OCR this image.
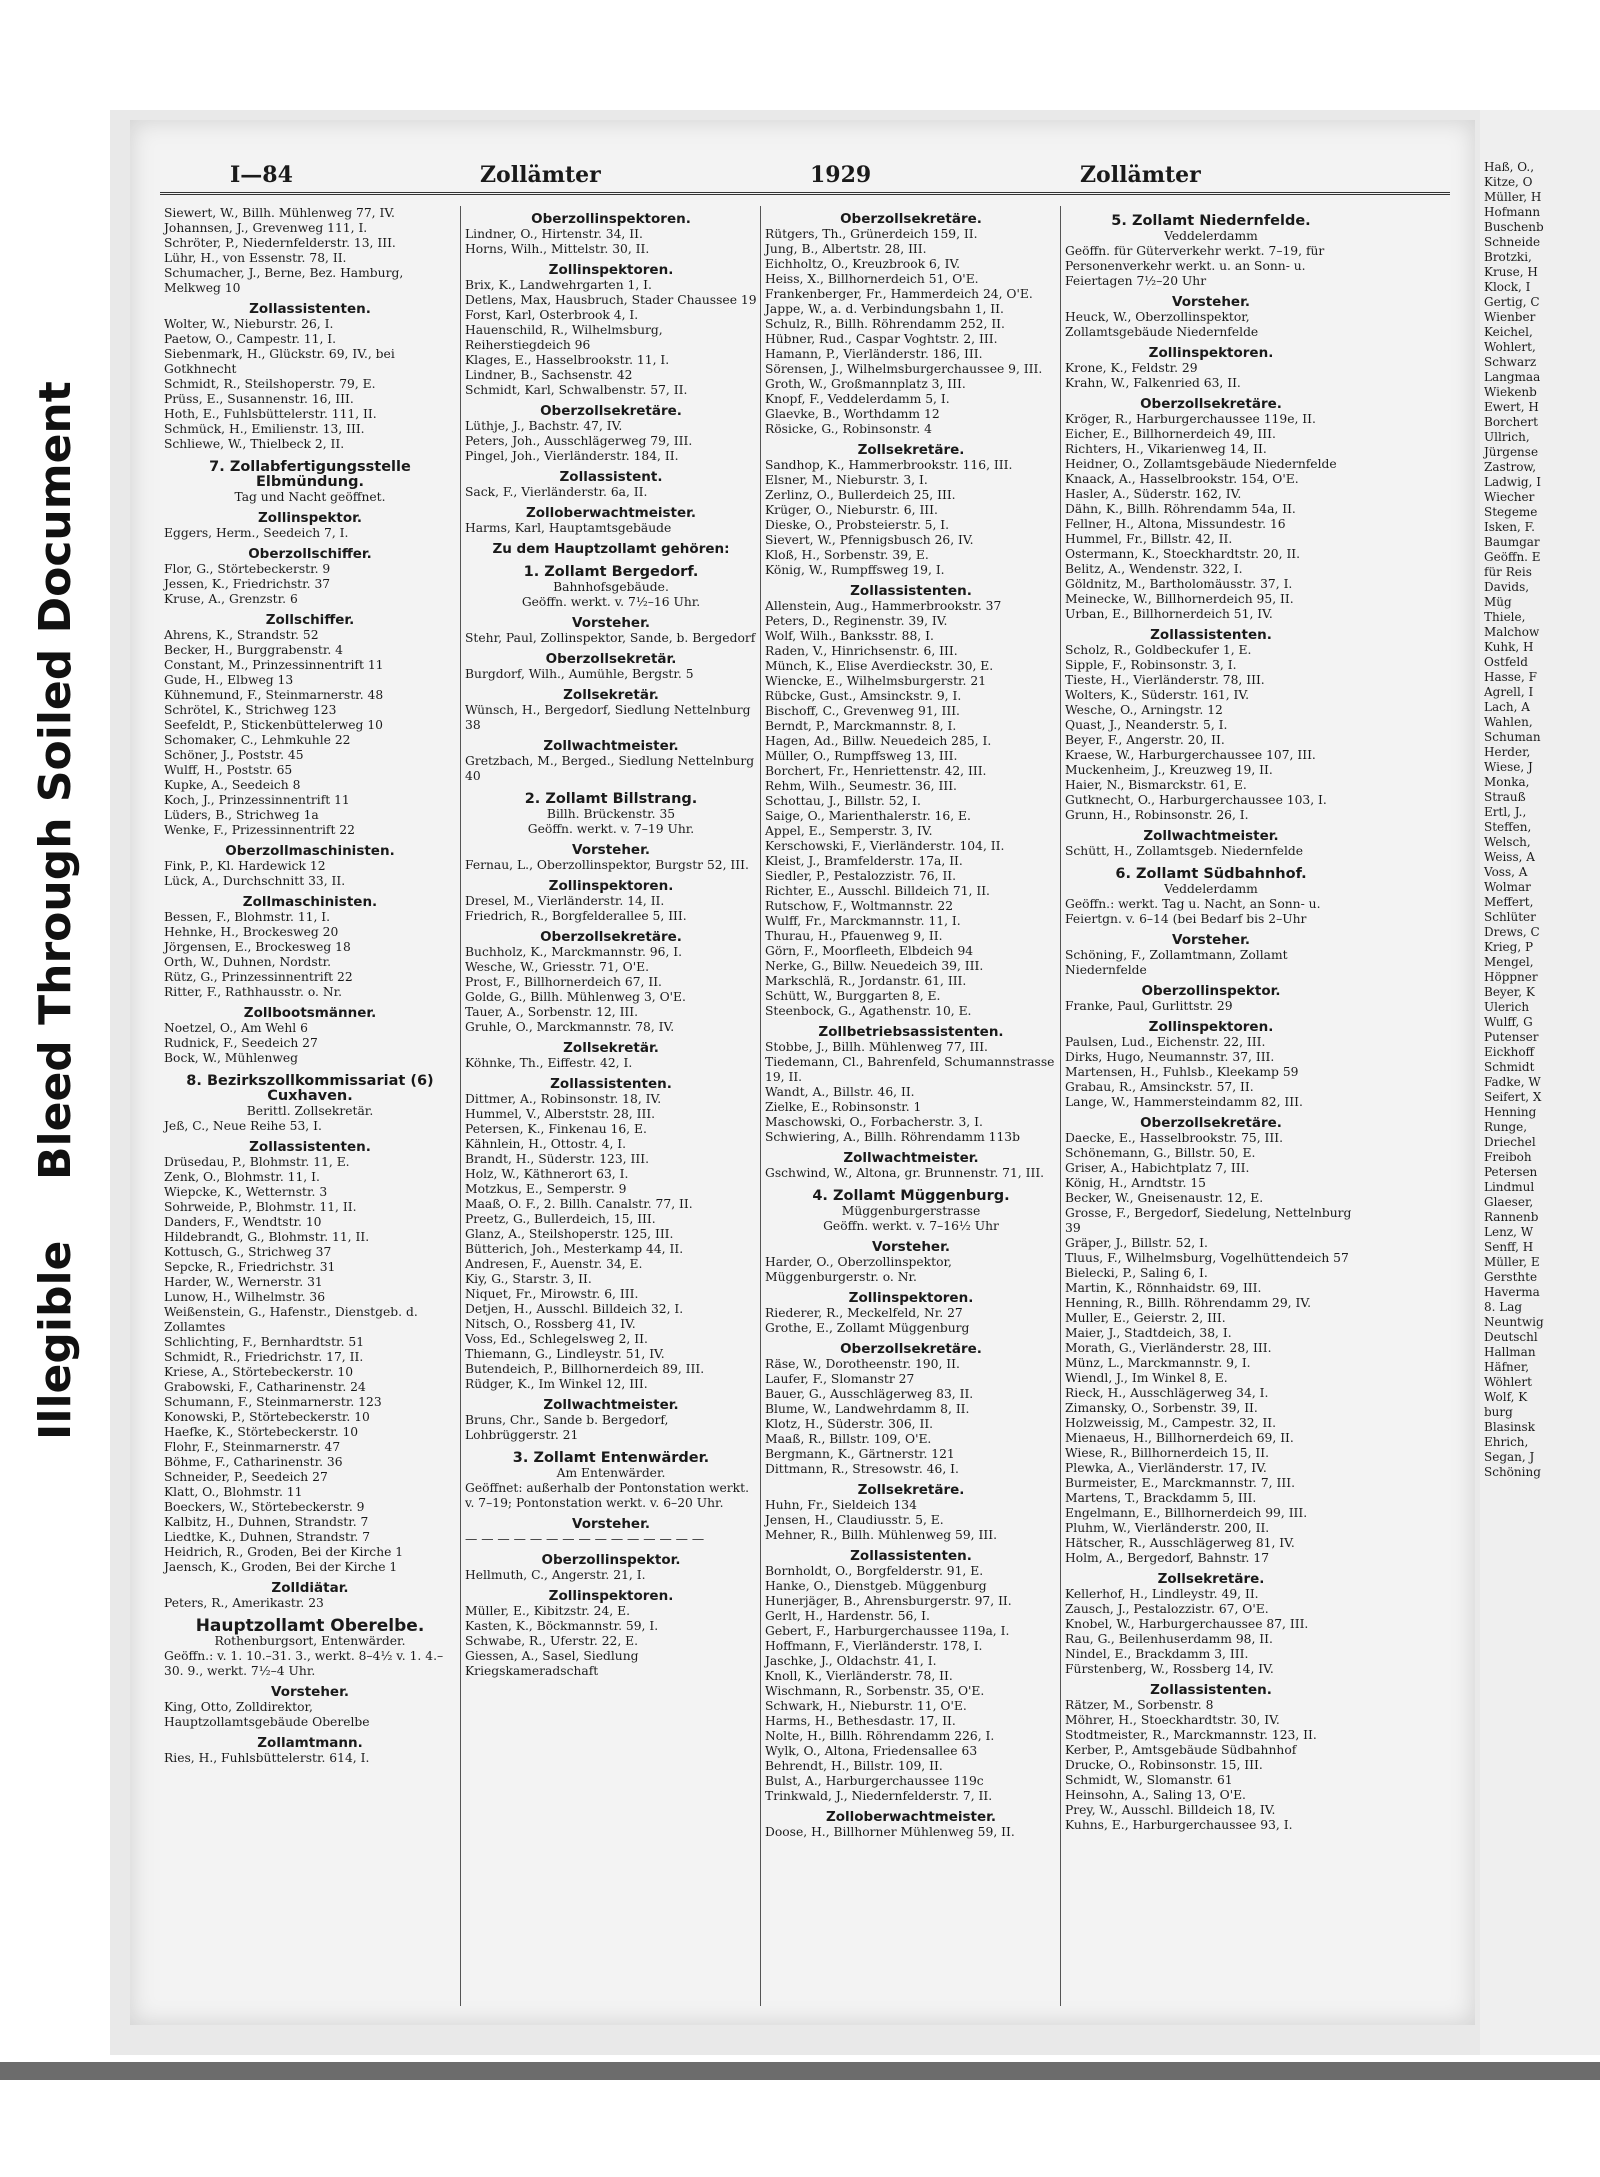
Illegible
Bleed Through Soiled Document
I—84	Zollämter	1929	Zollämter

Siewert, W., Billh. Mühlenweg 77, IV.

Johannsen, J., Grevenweg 111, I.

Schröter, P., Niedernfelderstr. 13, III.

Lühr, H., von Essenstr. 78, II.

Schumacher, J., Berne, Bez. Hamburg, Melkweg 10

Zollassistenten.

Wolter, W., Nieburstr. 26, I.

Paetow, O., Campestr. 11, I.

Siebenmark, H., Glückstr. 69, IV., bei Gotkhnecht

Schmidt, R., Steilshoperstr. 79, E.

Prüss, E., Susannenstr. 16, III.

Hoth, E., Fuhlsbüttelerstr. 111, II.

Schmück, H., Emilienstr. 13, III.

Schliewe, W., Thielbeck 2, II.

7. Zollabfertigungsstelle Elbmündung.

Tag und Nacht geöffnet.

Zollinspektor.

Eggers, Herm., Seedeich 7, I.

Oberzollschiffer.

Flor, G., Störtebeckerstr. 9

Jessen, K., Friedrichstr. 37

Kruse, A., Grenzstr. 6

Zollschiffer.

Ahrens, K., Strandstr. 52

Becker, H., Burggrabenstr. 4

Constant, M., Prinzessinnentrift 11

Gude, H., Elbweg 13

Kühnemund, F., Steinmarnerstr. 48

Schrötel, K., Strichweg 123

Seefeldt, P., Stickenbüttelerweg 10

Schomaker, C., Lehmkuhle 22

Schöner, J., Poststr. 45

Wulff, H., Poststr. 65

Kupke, A., Seedeich 8

Koch, J., Prinzessinnentrift 11

Lüders, B., Strichweg 1a

Wenke, F., Prizessinnentrift 22

Oberzollmaschinisten.

Fink, P., Kl. Hardewick 12

Lück, A., Durchschnitt 33, II.

Zollmaschinisten.

Bessen, F., Blohmstr. 11, I.

Hehnke, H., Brockesweg 20

Jörgensen, E., Brockesweg 18

Orth, W., Duhnen, Nordstr.

Rütz, G., Prinzessinnentrift 22

Ritter, F., Rathhausstr. o. Nr.

Zollbootsmänner.

Noetzel, O., Am Wehl 6

Rudnick, F., Seedeich 27

Bock, W., Mühlenweg

8. Bezirkszollkommissariat (6) Cuxhaven.

Berittl. Zollsekretär.

Jeß, C., Neue Reihe 53, I.

Zollassistenten.

Drüsedau, P., Blohmstr. 11, E.

Zenk, O., Blohmstr. 11, I.

Wiepcke, K., Wetternstr. 3

Sohrweide, P., Blohmstr. 11, II.

Danders, F., Wendtstr. 10

Hildebrandt, G., Blohmstr. 11, II.

Kottusch, G., Strichweg 37

Sepcke, R., Friedrichstr. 31

Harder, W., Wernerstr. 31

Lunow, H., Wilhelmstr. 36

Weißenstein, G., Hafenstr., Dienstgeb. d. Zollamtes

Schlichting, F., Bernhardtstr. 51

Schmidt, R., Friedrichstr. 17, II.

Kriese, A., Störtebeckerstr. 10

Grabowski, F., Catharinenstr. 24

Schumann, F., Steinmarnerstr. 123

Konowski, P., Störtebeckerstr. 10

Haefke, K., Störtebeckerstr. 10

Flohr, F., Steinmarnerstr. 47

Böhme, F., Catharinenstr. 36

Schneider, P., Seedeich 27

Klatt, O., Blohmstr. 11

Boeckers, W., Störtebeckerstr. 9

Kalbitz, H., Duhnen, Strandstr. 7

Liedtke, K., Duhnen, Strandstr. 7

Heidrich, R., Groden, Bei der Kirche 1

Jaensch, K., Groden, Bei der Kirche 1

Zolldiätar.

Peters, R., Amerikastr. 23

Hauptzollamt Oberelbe.

Rothenburgsort, Entenwärder.

Geöffn.: v. 1. 10.–31. 3., werkt. 8–4½ v. 1. 4.–30. 9., werkt. 7½–4 Uhr.

Vorsteher.

King, Otto, Zolldirektor, Hauptzollamtsgebäude Oberelbe

Zollamtmann.

Ries, H., Fuhlsbüttelerstr. 614, I.

Oberzollinspektoren.

Lindner, O., Hirtenstr. 34, II.

Horns, Wilh., Mittelstr. 30, II.

Zollinspektoren.

Brix, K., Landwehrgarten 1, I.

Detlens, Max, Hausbruch, Stader Chaussee 19

Forst, Karl, Osterbrook 4, I.

Hauenschild, R., Wilhelmsburg, Reiherstiegdeich 96

Klages, E., Hasselbrookstr. 11, I.

Lindner, B., Sachsenstr. 42

Schmidt, Karl, Schwalbenstr. 57, II.

Oberzollsekretäre.

Lüthje, J., Bachstr. 47, IV.

Peters, Joh., Ausschlägerweg 79, III.

Pingel, Joh., Vierländerstr. 184, II.

Zollassistent.

Sack, F., Vierländerstr. 6a, II.

Zolloberwachtmeister.

Harms, Karl, Hauptamtsgebäude

Zu dem Hauptzollamt gehören:

1. Zollamt Bergedorf.

Bahnhofsgebäude.

Geöffn. werkt. v. 7½–16 Uhr.

Vorsteher.

Stehr, Paul, Zollinspektor, Sande, b. Bergedorf

Oberzollsekretär.

Burgdorf, Wilh., Aumühle, Bergstr. 5

Zollsekretär.

Wünsch, H., Bergedorf, Siedlung Nettelnburg 38

Zollwachtmeister.

Gretzbach, M., Berged., Siedlung Nettelnburg 40

2. Zollamt Billstrang.

Billh. Brückenstr. 35

Geöffn. werkt. v. 7–19 Uhr.

Vorsteher.

Fernau, L., Oberzollinspektor, Burgstr 52, III.

Zollinspektoren.

Dresel, M., Vierländerstr. 14, II.

Friedrich, R., Borgfelderallee 5, III.

Oberzollsekretäre.

Buchholz, K., Marckmannstr. 96, I.

Wesche, W., Griesstr. 71, O'E.

Prost, F., Billhornerdeich 67, II.

Golde, G., Billh. Mühlenweg 3, O'E.

Tauer, A., Sorbenstr. 12, III.

Gruhle, O., Marckmannstr. 78, IV.

Zollsekretär.

Köhnke, Th., Eiffestr. 42, I.

Zollassistenten.

Dittmer, A., Robinsonstr. 18, IV.

Hummel, V., Alberststr. 28, III.

Petersen, K., Finkenau 16, E.

Kähnlein, H., Ottostr. 4, I.

Brandt, H., Süderstr. 123, III.

Holz, W., Käthnerort 63, I.

Motzkus, E., Semperstr. 9

Maaß, O. F., 2. Billh. Canalstr. 77, II.

Preetz, G., Bullerdeich, 15, III.

Glanz, A., Steilshoperstr. 125, III.

Bütterich, Joh., Mesterkamp 44, II.

Andresen, F., Auenstr. 34, E.

Kiy, G., Starstr. 3, II.

Niquet, Fr., Mirowstr. 6, III.

Detjen, H., Ausschl. Billdeich 32, I.

Nitsch, O., Rossberg 41, IV.

Voss, Ed., Schlegelsweg 2, II.

Thiemann, G., Lindleystr. 51, IV.

Butendeich, P., Billhornerdeich 89, III.

Rüdger, K., Im Winkel 12, III.

Zollwachtmeister.

Bruns, Chr., Sande b. Bergedorf, Lohbrüggerstr. 21

3. Zollamt Entenwärder.

Am Entenwärder.

Geöffnet: außerhalb der Pontonstation werkt. v. 7–19; Pontonstation werkt. v. 6–20 Uhr.

Vorsteher.

— — — — — — — — — — — — — — —

Oberzollinspektor.

Hellmuth, C., Angerstr. 21, I.

Zollinspektoren.

Müller, E., Kibitzstr. 24, E.

Kasten, K., Böckmannstr. 59, I.

Schwabe, R., Uferstr. 22, E.

Giessen, A., Sasel, Siedlung Kriegskameradschaft

Oberzollsekretäre.

Rütgers, Th., Grünerdeich 159, II.

Jung, B., Albertstr. 28, III.

Eichholtz, O., Kreuzbrook 6, IV.

Heiss, X., Billhornerdeich 51, O'E.

Frankenberger, Fr., Hammerdeich 24, O'E.

Jappe, W., a. d. Verbindungsbahn 1, II.

Schulz, R., Billh. Röhrendamm 252, II.

Hübner, Rud., Caspar Voghtstr. 2, III.

Hamann, P., Vierländerstr. 186, III.

Sörensen, J., Wilhelmsburgerchaussee 9, III.

Groth, W., Großmannplatz 3, III.

Knopf, F., Veddelerdamm 5, I.

Glaevke, B., Worthdamm 12

Rösicke, G., Robinsonstr. 4

Zollsekretäre.

Sandhop, K., Hammerbrookstr. 116, III.

Elsner, M., Nieburstr. 3, I.

Zerlinz, O., Bullerdeich 25, III.

Krüger, O., Nieburstr. 6, III.

Dieske, O., Probsteierstr. 5, I.

Sievert, W., Pfennigsbusch 26, IV.

Kloß, H., Sorbenstr. 39, E.

König, W., Rumpffsweg 19, I.

Zollassistenten.

Allenstein, Aug., Hammerbrookstr. 37

Peters, D., Reginenstr. 39, IV.

Wolf, Wilh., Banksstr. 88, I.

Raden, V., Hinrichsenstr. 6, III.

Münch, K., Elise Averdieckstr. 30, E.

Wiencke, E., Wilhelmsburgerstr. 21

Rübcke, Gust., Amsinckstr. 9, I.

Bischoff, C., Grevenweg 91, III.

Berndt, P., Marckmannstr. 8, I.

Hagen, Ad., Billw. Neuedeich 285, I.

Müller, O., Rumpffsweg 13, III.

Borchert, Fr., Henriettenstr. 42, III.

Rehm, Wilh., Seumestr. 36, III.

Schottau, J., Billstr. 52, I.

Saige, O., Marienthalerstr. 16, E.

Appel, E., Semperstr. 3, IV.

Kerschowski, F., Vierländerstr. 104, II.

Kleist, J., Bramfelderstr. 17a, II.

Siedler, P., Pestalozzistr. 76, II.

Richter, E., Ausschl. Billdeich 71, II.

Rutschow, F., Woltmannstr. 22

Wulff, Fr., Marckmannstr. 11, I.

Thurau, H., Pfauenweg 9, II.

Görn, F., Moorfleeth, Elbdeich 94

Nerke, G., Billw. Neuedeich 39, III.

Markschlä, R., Jordanstr. 61, III.

Schütt, W., Burggarten 8, E.

Steenbock, G., Agathenstr. 10, E.

Zollbetriebsassistenten.

Stobbe, J., Billh. Mühlenweg 77, III.

Tiedemann, Cl., Bahrenfeld, Schumannstrasse 19, II.

Wandt, A., Billstr. 46, II.

Zielke, E., Robinsonstr. 1

Maschowski, O., Forbacherstr. 3, I.

Schwiering, A., Billh. Röhrendamm 113b

Zollwachtmeister.

Gschwind, W., Altona, gr. Brunnenstr. 71, III.

4. Zollamt Müggenburg.

Müggenburgerstrasse

Geöffn. werkt. v. 7–16½ Uhr

Vorsteher.

Harder, O., Oberzollinspektor, Müggenburgerstr. o. Nr.

Zollinspektoren.

Riederer, R., Meckelfeld, Nr. 27

Grothe, E., Zollamt Müggenburg

Oberzollsekretäre.

Räse, W., Dorotheenstr. 190, II.

Laufer, F., Slomanstr 27

Bauer, G., Ausschlägerweg 83, II.

Blume, W., Landwehrdamm 8, II.

Klotz, H., Süderstr. 306, II.

Maaß, R., Billstr. 109, O'E.

Bergmann, K., Gärtnerstr. 121

Dittmann, R., Stresowstr. 46, I.

Zollsekretäre.

Huhn, Fr., Sieldeich 134

Jensen, H., Claudiusstr. 5, E.

Mehner, R., Billh. Mühlenweg 59, III.

Zollassistenten.

Bornholdt, O., Borgfelderstr. 91, E.

Hanke, O., Dienstgeb. Müggenburg

Hunerjäger, B., Ahrensburgerstr. 97, II.

Gerlt, H., Hardenstr. 56, I.

Gebert, F., Harburgerchaussee 119a, I.

Hoffmann, F., Vierländerstr. 178, I.

Jaschke, J., Oldachstr. 41, I.

Knoll, K., Vierländerstr. 78, II.

Wischmann, R., Sorbenstr. 35, O'E.

Schwark, H., Nieburstr. 11, O'E.

Harms, H., Bethesdastr. 17, II.

Nolte, H., Billh. Röhrendamm 226, I.

Wylk, O., Altona, Friedensallee 63

Behrendt, H., Billstr. 109, II.

Bulst, A., Harburgerchaussee 119c

Trinkwald, J., Niedernfelderstr. 7, II.

Zolloberwachtmeister.

Doose, H., Billhorner Mühlenweg 59, II.

5. Zollamt Niedernfelde.

Veddelerdamm

Geöffn. für Güterverkehr werkt. 7–19, für Personenverkehr werkt. u. an Sonn- u. Feiertagen 7½–20 Uhr

Vorsteher.

Heuck, W., Oberzollinspektor, Zollamtsgebäude Niedernfelde

Zollinspektoren.

Krone, K., Feldstr. 29

Krahn, W., Falkenried 63, II.

Oberzollsekretäre.

Kröger, R., Harburgerchaussee 119e, II.

Eicher, E., Billhornerdeich 49, III.

Richters, H., Vikarienweg 14, II.

Heidner, O., Zollamtsgebäude Niedernfelde

Knaack, A., Hasselbrookstr. 154, O'E.

Hasler, A., Süderstr. 162, IV.

Dähn, K., Billh. Röhrendamm 54a, II.

Fellner, H., Altona, Missundestr. 16

Hummel, Fr., Billstr. 42, II.

Ostermann, K., Stoeckhardtstr. 20, II.

Belitz, A., Wendenstr. 322, I.

Göldnitz, M., Bartholomäusstr. 37, I.

Meinecke, W., Billhornerdeich 95, II.

Urban, E., Billhornerdeich 51, IV.

Zollassistenten.

Scholz, R., Goldbeckufer 1, E.

Sipple, F., Robinsonstr. 3, I.

Tieste, H., Vierländerstr. 78, III.

Wolters, K., Süderstr. 161, IV.

Wesche, O., Arningstr. 12

Quast, J., Neanderstr. 5, I.

Beyer, F., Angerstr. 20, II.

Kraese, W., Harburgerchaussee 107, III.

Muckenheim, J., Kreuzweg 19, II.

Haier, N., Bismarckstr. 61, E.

Gutknecht, O., Harburgerchaussee 103, I.

Grunn, H., Robinsonstr. 26, I.

Zollwachtmeister.

Schütt, H., Zollamtsgeb. Niedernfelde

6. Zollamt Südbahnhof.

Veddelerdamm

Geöffn.: werkt. Tag u. Nacht, an Sonn- u. Feiertgn. v. 6–14 (bei Bedarf bis 2–Uhr

Vorsteher.

Schöning, F., Zollamtmann, Zollamt Niedernfelde

Oberzollinspektor.

Franke, Paul, Gurlittstr. 29

Zollinspektoren.

Paulsen, Lud., Eichenstr. 22, III.

Dirks, Hugo, Neumannstr. 37, III.

Martensen, H., Fuhlsb., Kleekamp 59

Grabau, R., Amsinckstr. 57, II.

Lange, W., Hammersteindamm 82, III.

Oberzollsekretäre.

Daecke, E., Hasselbrookstr. 75, III.

Schönemann, G., Billstr. 50, E.

Griser, A., Habichtplatz 7, III.

König, H., Arndtstr. 15

Becker, W., Gneisenaustr. 12, E.

Grosse, F., Bergedorf, Siedelung, Nettelnburg 39

Gräper, J., Billstr. 52, I.

Tluus, F., Wilhelmsburg, Vogelhüttendeich 57

Bielecki, P., Saling 6, I.

Martin, K., Rönnhaidstr. 69, III.

Henning, R., Billh. Röhrendamm 29, IV.

Muller, E., Geierstr. 2, III.

Maier, J., Stadtdeich, 38, I.

Morath, G., Vierländerstr. 28, III.

Münz, L., Marckmannstr. 9, I.

Wiendl, J., Im Winkel 8, E.

Rieck, H., Ausschlägerweg 34, I.

Zimansky, O., Sorbenstr. 39, II.

Holzweissig, M., Campestr. 32, II.

Mienaeus, H., Billhornerdeich 69, II.

Wiese, R., Billhornerdeich 15, II.

Plewka, A., Vierländerstr. 17, IV.

Burmeister, E., Marckmannstr. 7, III.

Martens, T., Brackdamm 5, III.

Engelmann, E., Billhornerdeich 99, III.

Pluhm, W., Vierländerstr. 200, II.

Hätscher, R., Ausschlägerweg 81, IV.

Holm, A., Bergedorf, Bahnstr. 17

Zollsekretäre.

Kellerhof, H., Lindleystr. 49, II.

Zausch, J., Pestalozzistr. 67, O'E.

Knobel, W., Harburgerchaussee 87, III.

Rau, G., Beilenhuserdamm 98, II.

Nindel, E., Brackdamm 3, III.

Fürstenberg, W., Rossberg 14, IV.

Zollassistenten.

Rätzer, M., Sorbenstr. 8

Möhrer, H., Stoeckhardtstr. 30, IV.

Stodtmeister, R., Marckmannstr. 123, II.

Kerber, P., Amtsgebäude Südbahnhof

Drucke, O., Robinsonstr. 15, III.

Schmidt, W., Slomanstr. 61

Heinsohn, A., Saling 13, O'E.

Prey, W., Ausschl. Billdeich 18, IV.

Kuhns, E., Harburgerchaussee 93, I.

Haß, O.,

Kitze, O

Müller, H

Hofmann

Buschenb

Schneide

Brotzki,

Kruse, H

Klock, I

Gertig, C

Wienber

Keichel,

Wohlert,

Schwarz

Langmaa

Wiekenb

Ewert, H

Borchert

Ullrich,

Jürgense

Zastrow,

Ladwig, I

Wiecher

Stegeme

Isken, F.

Baumgar

Geöffn. E

für Reis

Davids,

Müg

Thiele,

Malchow

Kuhk, H

Ostfeld

Hasse, F

Agrell, I

Lach, A

Wahlen,

Schuman

Herder,

Wiese, J

Monka,

Strauß

Ertl, J.,

Steffen,

Welsch,

Weiss, A

Voss, A

Wolmar

Meffert,

Schlüter

Drews, C

Krieg, P

Mengel,

Höppner

Beyer, K

Ulerich

Wulff, G

Putenser

Eickhoff

Schmidt

Fadke, W

Seifert, X

Henning

Runge,

Driechel

Freiboh

Petersen

Lindmul

Glaeser,

Rannenb

Lenz, W

Senff, H

Müller, E

Gersthte

Haverma

8. Lag

Neuntwig

Deutschl

Hallman

Häfner,

Wöhlert

Wolf, K

burg

Blasinsk

Ehrich,

Segan, J

Schöning
